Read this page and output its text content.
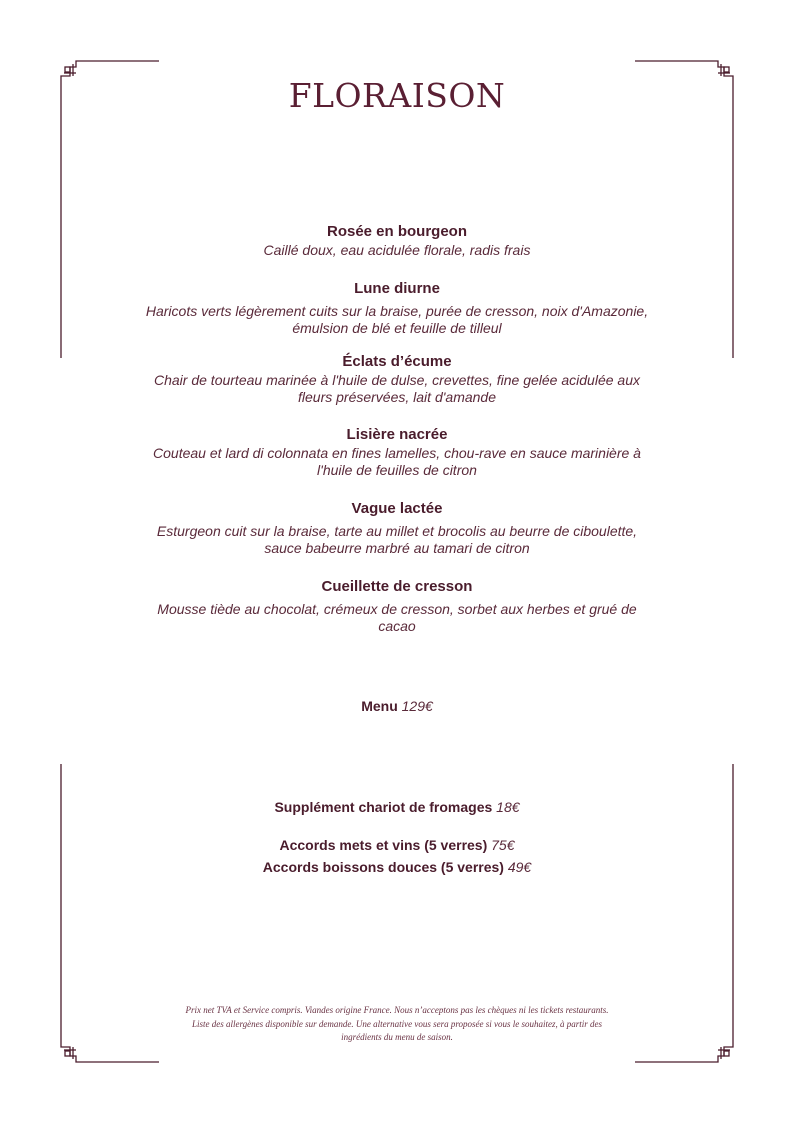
FLORAISON
Rosée en bourgeon
Caillé doux, eau acidulée florale, radis frais
Lune diurne
Haricots verts légèrement cuits sur la braise, purée de cresson, noix d'Amazonie, émulsion de blé et feuille de tilleul
Éclats d’écume
Chair de tourteau marinée à l'huile de dulse, crevettes, fine gelée acidulée aux fleurs préservées, lait d'amande
Lisière nacrée
Couteau et lard di colonnata en fines lamelles, chou-rave en sauce marinière à l'huile de feuilles de citron
Vague lactée
Esturgeon cuit sur la braise, tarte au millet et brocolis au beurre de ciboulette, sauce babeurre marbré au tamari de citron
Cueillette de cresson
Mousse tiède au chocolat, crémeux de cresson, sorbet aux herbes et grué de cacao
Menu 129€
Supplément chariot de fromages 18€
Accords mets et vins (5 verres) 75€
Accords boissons douces (5 verres) 49€
Prix net TVA et Service compris. Viandes origine France. Nous n’acceptons pas les chèques ni les tickets restaurants. Liste des allergènes disponible sur demande. Une alternative vous sera proposée si vous le souhaitez, à partir des ingrédients du menu de saison.
